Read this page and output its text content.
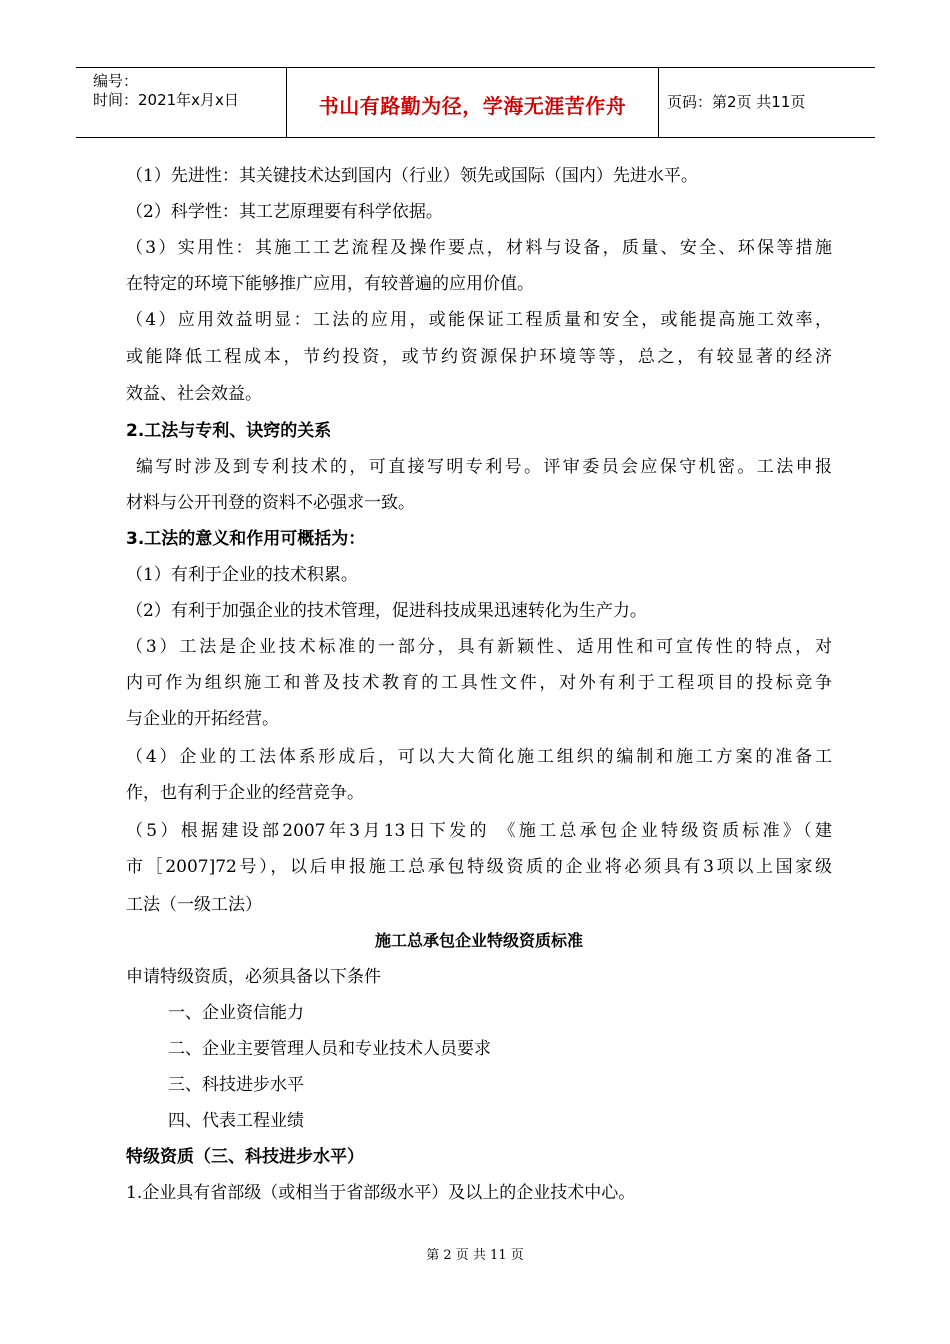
编号：
时间：2021年x月x日	书山有路勤为径，学海无涯苦作舟	页码：第2页 共11页
（1）先进性：其关键技术达到国内（行业）领先或国际（国内）先进水平。
（2）科学性：其工艺原理要有科学依据。
（3）实用性：其施工工艺流程及操作要点，材料与设备，质量、安全、环保等措施
在特定的环境下能够推广应用，有较普遍的应用价值。
（4）应用效益明显：工法的应用，或能保证工程质量和安全，或能提高施工效率，
或能降低工程成本，节约投资，或节约资源保护环境等等，总之，有较显著的经济
效益、社会效益。
2.工法与专利、诀窍的关系
编写时涉及到专利技术的，可直接写明专利号。评审委员会应保守机密。工法申报
材料与公开刊登的资料不必强求一致。
3.工法的意义和作用可概括为：
（1）有利于企业的技术积累。
（2）有利于加强企业的技术管理，促进科技成果迅速转化为生产力。
（3）工法是企业技术标准的一部分，具有新颖性、适用性和可宣传性的特点，对
内可作为组织施工和普及技术教育的工具性文件，对外有利于工程项目的投标竞争
与企业的开拓经营。
（4）企业的工法体系形成后，可以大大简化施工组织的编制和施工方案的准备工
作，也有利于企业的经营竞争。
（5）根据建设部2007年3月13日下发的 《施工总承包企业特级资质标准》（建
市［2007]72号），以后申报施工总承包特级资质的企业将必须具有3项以上国家级
工法（一级工法）
施工总承包企业特级资质标准
申请特级资质，必须具备以下条件
一、企业资信能力
二、企业主要管理人员和专业技术人员要求
三、科技进步水平
四、代表工程业绩
特级资质（三、科技进步水平）
1.企业具有省部级（或相当于省部级水平）及以上的企业技术中心。
第 2 页 共 11 页
